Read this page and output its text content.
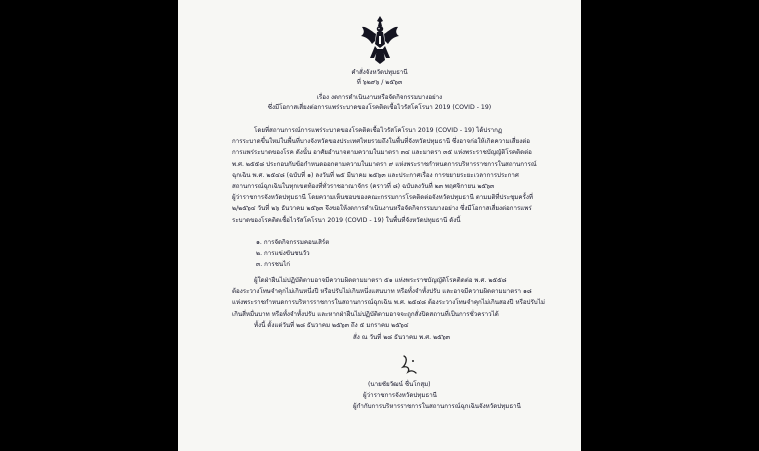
คำสั่งจังหวัดปทุมธานี
ที่ ๖๒๙๖ / ๒๕๖๓
เรื่อง งดการดำเนินงานหรือจัดกิจกรรมบางอย่าง
ซึ่งมีโอกาสเสี่ยงต่อการแพร่ระบาดของโรคติดเชื้อไวรัสโคโรนา 2019 (COVID - 19)
โดยที่สถานการณ์การแพร่ระบาดของโรคติดเชื้อไวรัสโคโรนา 2019 (COVID - 19) ได้ปรากฏ
การระบาดขึ้นใหม่ในพื้นที่บางจังหวัดของประเทศไทยรวมถึงในพื้นที่จังหวัดปทุมธานี ซึ่งอาจก่อให้เกิดความเสี่ยงต่อ
การแพร่ระบาดของโรค ดังนั้น อาศัยอำนาจตามความในมาตรา ๓๔ และมาตรา ๓๕ แห่งพระราชบัญญัติโรคติดต่อ
พ.ศ. ๒๕๕๘ ประกอบกับข้อกำหนดออกตามความในมาตรา ๙ แห่งพระราชกำหนดการบริหารราชการในสถานการณ์
ฉุกเฉิน พ.ศ. ๒๕๔๘ (ฉบับที่ ๑) ลงวันที่ ๒๕ มีนาคม ๒๕๖๓ และประกาศเรื่อง การขยายระยะเวลาการประกาศ
สถานการณ์ฉุกเฉินในทุกเขตท้องที่ทั่วราชอาณาจักร (คราวที่ ๘) ฉบับลงวันที่ ๒๓ พฤศจิกายน ๒๕๖๓
ผู้ว่าราชการจังหวัดปทุมธานี โดยความเห็นชอบของคณะกรรมการโรคติดต่อจังหวัดปทุมธานี ตามมติที่ประชุมครั้งที่
๒/๒๕๖๔ วันที่ ๒๖ ธันวาคม ๒๕๖๓ จึงขอให้งดการดำเนินงานหรือจัดกิจกรรมบางอย่าง ซึ่งมีโอกาสเสี่ยงต่อการแพร่
ระบาดของโรคติดเชื้อไวรัสโคโรนา 2019 (COVID - 19) ในพื้นที่จังหวัดปทุมธานี ดังนี้
๑. การจัดกิจกรรมคอนเสิร์ต
๒. การแข่งขันชนวัว
๓. การชนไก่
ผู้ใดฝ่าฝืนไม่ปฏิบัติตามอาจมีความผิดตามมาตรา ๕๑ แห่งพระราชบัญญัติโรคติดต่อ พ.ศ. ๒๕๕๘
ต้องระวางโทษจำคุกไม่เกินหนึ่งปี หรือปรับไม่เกินหนึ่งแสนบาท หรือทั้งจำทั้งปรับ และอาจมีความผิดตามมาตรา ๑๘
แห่งพระราชกำหนดการบริหารราชการในสถานการณ์ฉุกเฉิน พ.ศ. ๒๕๔๘ ต้องระวางโทษจำคุกไม่เกินสองปี หรือปรับไม่
เกินสี่หมื่นบาท หรือทั้งจำทั้งปรับ และหากฝ่าฝืนไม่ปฏิบัติตามอาจจะถูกสั่งปิดสถานที่เป็นการชั่วคราวได้
ทั้งนี้ ตั้งแต่วันที่ ๒๘ ธันวาคม ๒๕๖๓ ถึง ๕ มกราคม ๒๕๖๔
สั่ง ณ วันที่ ๒๘ ธันวาคม พ.ศ. ๒๕๖๓
(นายชัยวัฒน์ ชื่นโกสุม)
ผู้ว่าราชการจังหวัดปทุมธานี
ผู้กำกับการบริหารราชการในสถานการณ์ฉุกเฉินจังหวัดปทุมธานี
